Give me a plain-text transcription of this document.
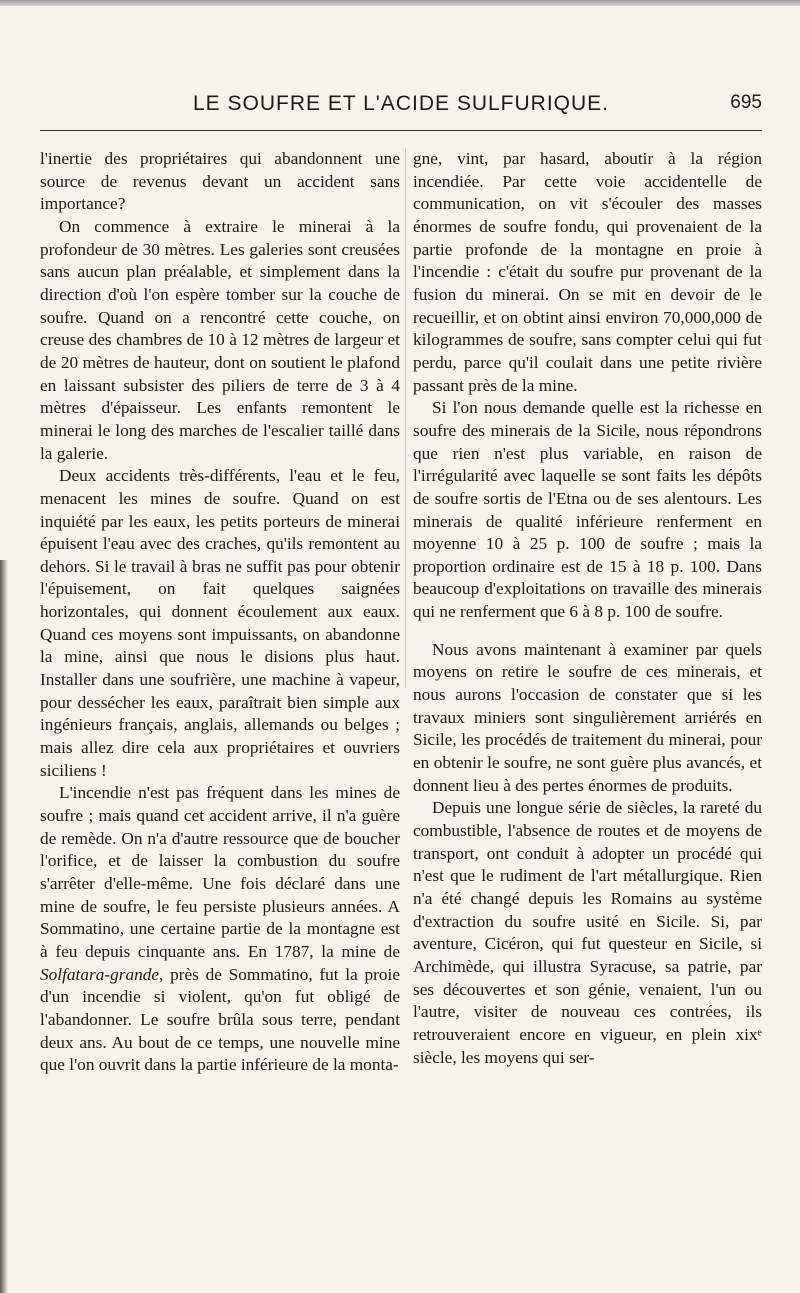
LE SOUFRE ET L'ACIDE SULFURIQUE.	695

l'inertie des propriétaires qui abandonnent une source de revenus devant un accident sans importance?

On commence à extraire le minerai à la profondeur de 30 mètres. Les galeries sont creusées sans aucun plan préalable, et simplement dans la direction d'où l'on espère tomber sur la couche de soufre. Quand on a rencontré cette couche, on creuse des chambres de 10 à 12 mètres de largeur et de 20 mètres de hauteur, dont on soutient le plafond en laissant subsister des piliers de terre de 3 à 4 mètres d'épaisseur. Les enfants remontent le minerai le long des marches de l'escalier taillé dans la galerie.

Deux accidents très-différents, l'eau et le feu, menacent les mines de soufre. Quand on est inquiété par les eaux, les petits porteurs de minerai épuisent l'eau avec des craches, qu'ils remontent au dehors. Si le travail à bras ne suffit pas pour obtenir l'épuisement, on fait quelques saignées horizontales, qui donnent écoulement aux eaux. Quand ces moyens sont impuissants, on abandonne la mine, ainsi que nous le disions plus haut. Installer dans une soufrière, une machine à vapeur, pour dessécher les eaux, paraîtrait bien simple aux ingénieurs français, anglais, allemands ou belges ; mais allez dire cela aux propriétaires et ouvriers siciliens !

L'incendie n'est pas fréquent dans les mines de soufre ; mais quand cet accident arrive, il n'a guère de remède. On n'a d'autre ressource que de boucher l'orifice, et de laisser la combustion du soufre s'arrêter d'elle-même. Une fois déclaré dans une mine de soufre, le feu persiste plusieurs années. A Sommatino, une certaine partie de la montagne est à feu depuis cinquante ans. En 1787, la mine de Solfatara-grande, près de Sommatino, fut la proie d'un incendie si violent, qu'on fut obligé de l'abandonner. Le soufre brûla sous terre, pendant deux ans. Au bout de ce temps, une nouvelle mine que l'on ouvrit dans la partie inférieure de la monta-

gne, vint, par hasard, aboutir à la région incendiée. Par cette voie accidentelle de communication, on vit s'écouler des masses énormes de soufre fondu, qui provenaient de la partie profonde de la montagne en proie à l'incendie : c'était du soufre pur provenant de la fusion du minerai. On se mit en devoir de le recueillir, et on obtint ainsi environ 70,000,000 de kilogrammes de soufre, sans compter celui qui fut perdu, parce qu'il coulait dans une petite rivière passant près de la mine.

Si l'on nous demande quelle est la richesse en soufre des minerais de la Sicile, nous répondrons que rien n'est plus variable, en raison de l'irrégularité avec laquelle se sont faits les dépôts de soufre sortis de l'Etna ou de ses alentours. Les minerais de qualité inférieure renferment en moyenne 10 à 25 p. 100 de soufre ; mais la proportion ordinaire est de 15 à 18 p. 100. Dans beaucoup d'exploitations on travaille des minerais qui ne renferment que 6 à 8 p. 100 de soufre.

Nous avons maintenant à examiner par quels moyens on retire le soufre de ces minerais, et nous aurons l'occasion de constater que si les travaux miniers sont singulièrement arriérés en Sicile, les procédés de traitement du minerai, pour en obtenir le soufre, ne sont guère plus avancés, et donnent lieu à des pertes énormes de produits.

Depuis une longue série de siècles, la rareté du combustible, l'absence de routes et de moyens de transport, ont conduit à adopter un procédé qui n'est que le rudiment de l'art métallurgique. Rien n'a été changé depuis les Romains au système d'extraction du soufre usité en Sicile. Si, par aventure, Cicéron, qui fut questeur en Sicile, si Archimède, qui illustra Syracuse, sa patrie, par ses découvertes et son génie, venaient, l'un ou l'autre, visiter de nouveau ces contrées, ils retrouveraient encore en vigueur, en plein xixᵉ siècle, les moyens qui ser-
